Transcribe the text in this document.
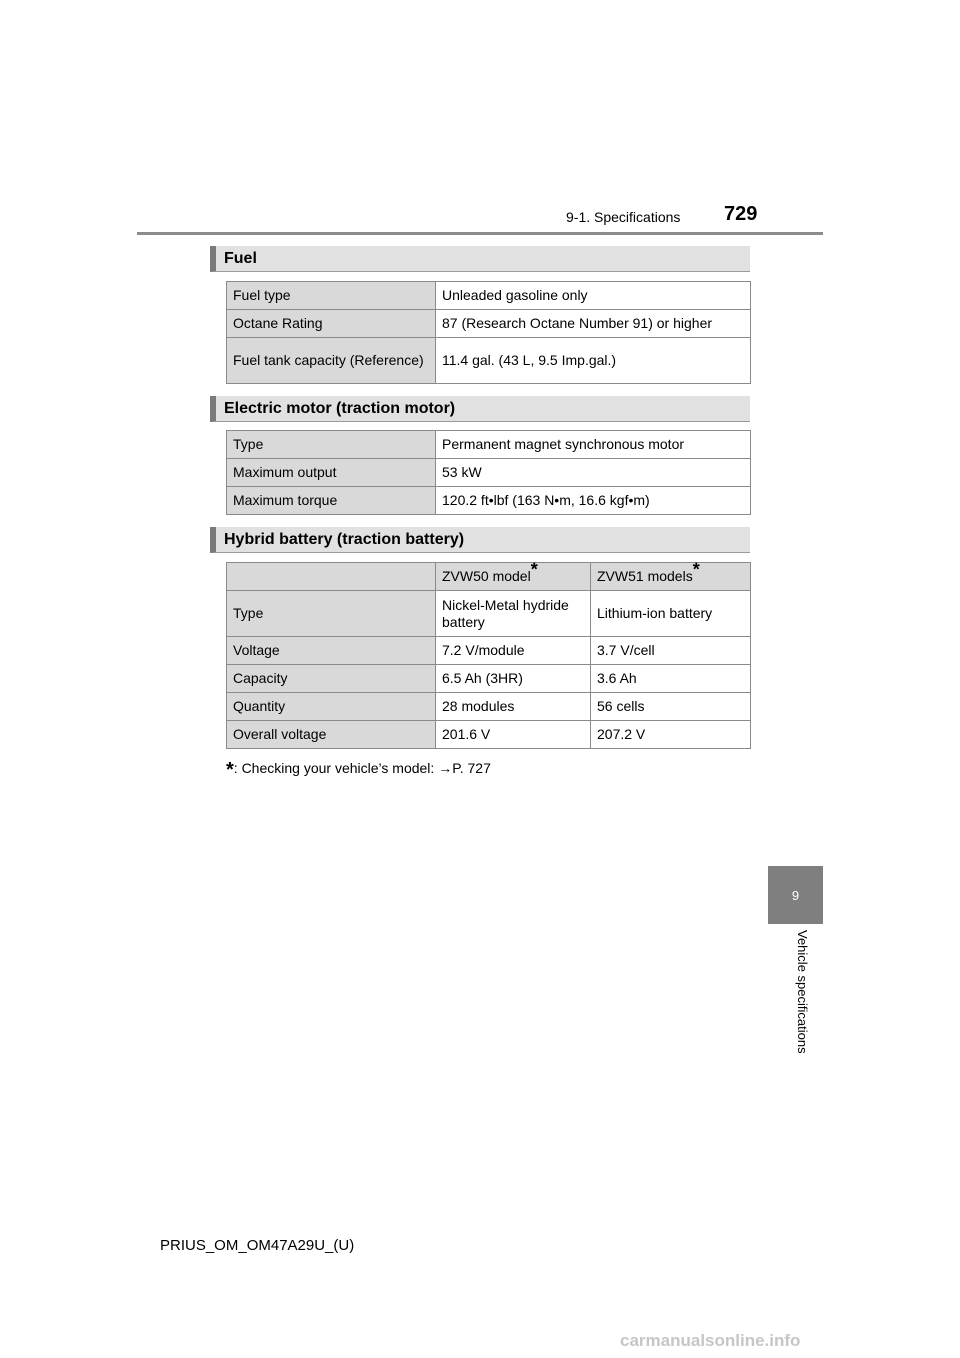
9-1. Specifications 729
9
Vehicle specifications
Fuel
Fuel type	Unleaded gasoline only
Octane Rating	87 (Research Octane Number 91) or higher
Fuel tank capacity (Reference)	11.4 gal. (43 L, 9.5 Imp.gal.)
Electric motor (traction motor)
Type	Permanent magnet synchronous motor
Maximum output	53 kW
Maximum torque	120.2 ft•lbf (163 N•m, 16.6 kgf•m)
Hybrid battery (traction battery)
	ZVW50 model*	ZVW51 models*
Type	Nickel-Metal hydride battery	Lithium-ion battery
Voltage	7.2 V/module	3.7 V/cell
Capacity	6.5 Ah (3HR)	3.6 Ah
Quantity	28 modules	56 cells
Overall voltage	201.6 V	207.2 V
*: Checking your vehicle’s model: →P. 727
PRIUS_OM_OM47A29U_(U)
carmanualsonline.info
